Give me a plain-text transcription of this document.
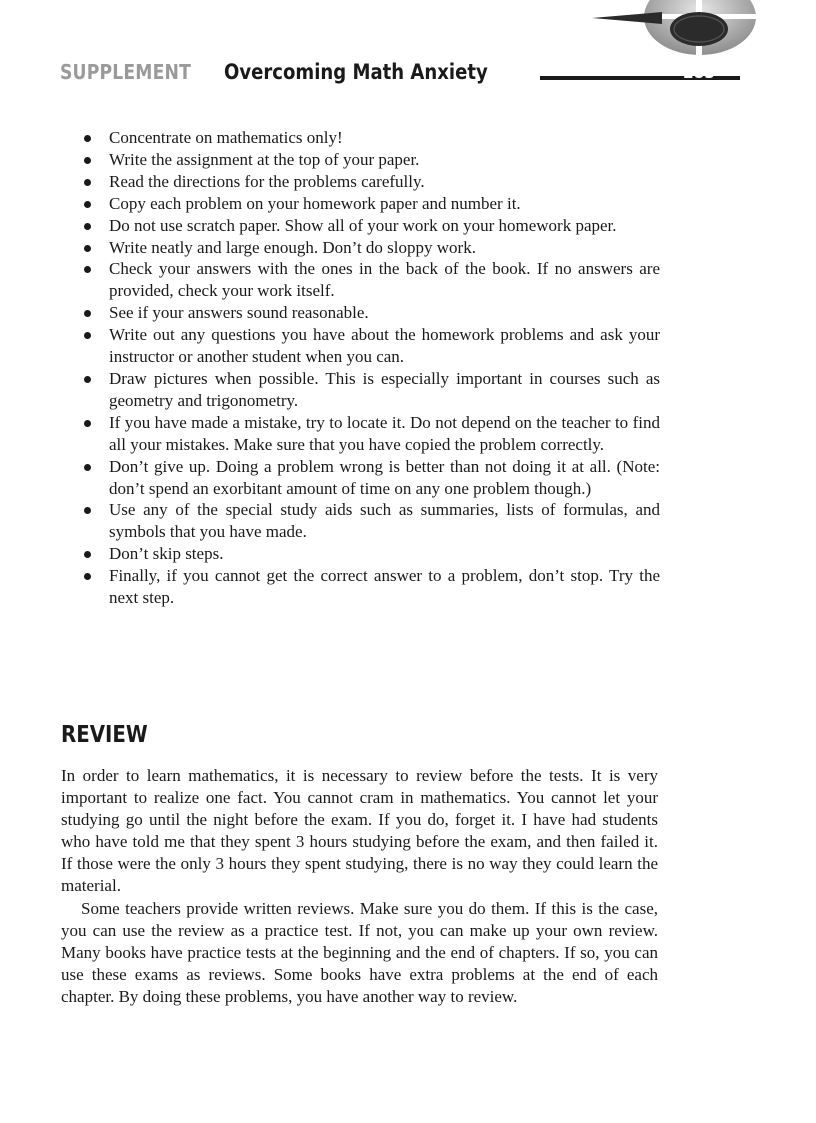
SUPPLEMENT Overcoming Math Anxiety	283
Concentrate on mathematics only!
Write the assignment at the top of your paper.
Read the directions for the problems carefully.
Copy each problem on your homework paper and number it.
Do not use scratch paper. Show all of your work on your homework paper.
Write neatly and large enough. Don’t do sloppy work.
Check your answers with the ones in the back of the book. If no answers are provided, check your work itself.
See if your answers sound reasonable.
Write out any questions you have about the homework problems and ask your instructor or another student when you can.
Draw pictures when possible. This is especially important in courses such as geometry and trigonometry.
If you have made a mistake, try to locate it. Do not depend on the teacher to find all your mistakes. Make sure that you have copied the problem correctly.
Don’t give up. Doing a problem wrong is better than not doing it at all. (Note: don’t spend an exorbitant amount of time on any one problem though.)
Use any of the special study aids such as summaries, lists of formulas, and symbols that you have made.
Don’t skip steps.
Finally, if you cannot get the correct answer to a problem, don’t stop. Try the next step.
REVIEW

In order to learn mathematics, it is necessary to review before the tests. It is very important to realize one fact. You cannot cram in mathematics. You cannot let your studying go until the night before the exam. If you do, forget it. I have had students who have told me that they spent 3 hours studying before the exam, and then failed it. If those were the only 3 hours they spent studying, there is no way they could learn the material.

Some teachers provide written reviews. Make sure you do them. If this is the case, you can use the review as a practice test. If not, you can make up your own review. Many books have practice tests at the beginning and the end of chapters. If so, you can use these exams as reviews. Some books have extra problems at the end of each chapter. By doing these problems, you have another way to review.
